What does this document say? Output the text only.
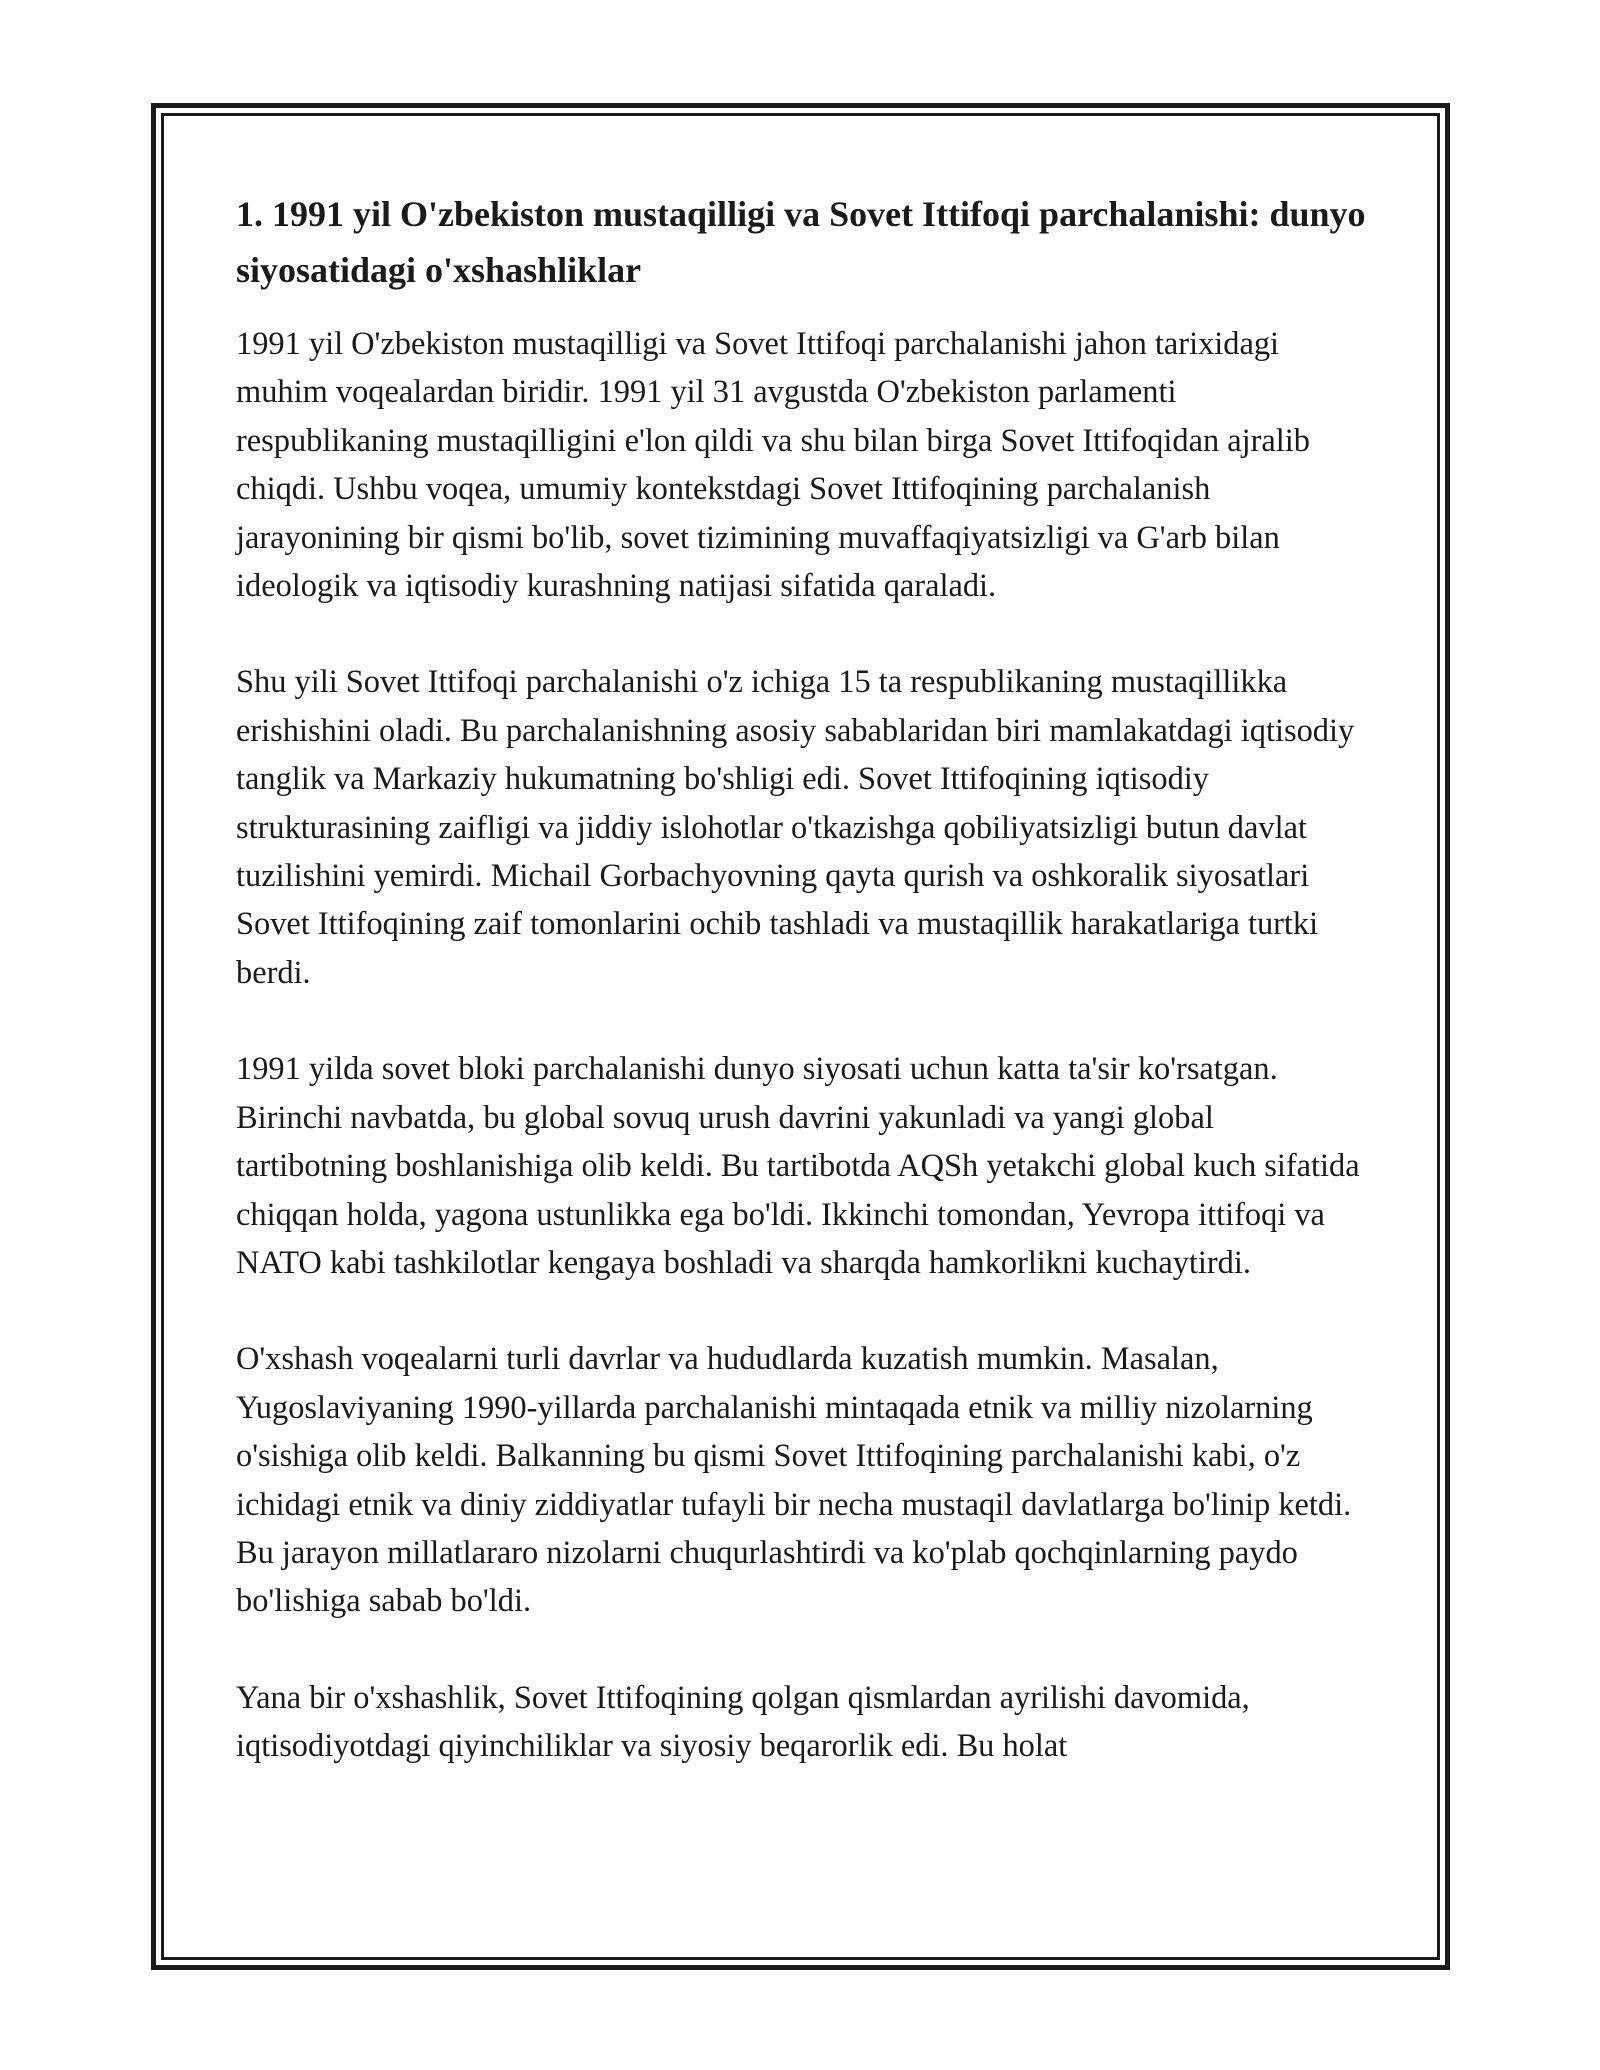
1. 1991 yil O'zbekiston mustaqilligi va Sovet Ittifoqi parchalanishi: dunyo siyosatidagi o'xshashliklar

1991 yil O'zbekiston mustaqilligi va Sovet Ittifoqi parchalanishi jahon tarixidagi muhim voqealardan biridir. 1991 yil 31 avgustda O'zbekiston parlamenti respublikaning mustaqilligini e'lon qildi va shu bilan birga Sovet Ittifoqidan ajralib chiqdi. Ushbu voqea, umumiy kontekstdagi Sovet Ittifoqining parchalanish jarayonining bir qismi bo'lib, sovet tizimining muvaffaqiyatsizligi va G'arb bilan ideologik va iqtisodiy kurashning natijasi sifatida qaraladi.

Shu yili Sovet Ittifoqi parchalanishi o'z ichiga 15 ta respublikaning mustaqillikka erishishini oladi. Bu parchalanishning asosiy sabablaridan biri mamlakatdagi iqtisodiy tanglik va Markaziy hukumatning bo'shligi edi. Sovet Ittifoqining iqtisodiy strukturasining zaifligi va jiddiy islohotlar o'tkazishga qobiliyatsizligi butun davlat tuzilishini yemirdi. Michail Gorbachyovning qayta qurish va oshkoralik siyosatlari Sovet Ittifoqining zaif tomonlarini ochib tashladi va mustaqillik harakatlariga turtki berdi.

1991 yilda sovet bloki parchalanishi dunyo siyosati uchun katta ta'sir ko'rsatgan. Birinchi navbatda, bu global sovuq urush davrini yakunladi va yangi global tartibotning boshlanishiga olib keldi. Bu tartibotda AQSh yetakchi global kuch sifatida chiqqan holda, yagona ustunlikka ega bo'ldi. Ikkinchi tomondan, Yevropa ittifoqi va NATO kabi tashkilotlar kengaya boshladi va sharqda hamkorlikni kuchaytirdi.

O'xshash voqealarni turli davrlar va hududlarda kuzatish mumkin. Masalan, Yugoslaviyaning 1990-yillarda parchalanishi mintaqada etnik va milliy nizolarning o'sishiga olib keldi. Balkanning bu qismi Sovet Ittifoqining parchalanishi kabi, o'z ichidagi etnik va diniy ziddiyatlar tufayli bir necha mustaqil davlatlarga bo'linip ketdi. Bu jarayon millatlararo nizolarni chuqurlashtirdi va ko'plab qochqinlarning paydo bo'lishiga sabab bo'ldi.

Yana bir o'xshashlik, Sovet Ittifoqining qolgan qismlardan ayrilishi davomida, iqtisodiyotdagi qiyinchiliklar va siyosiy beqarorlik edi. Bu holat
